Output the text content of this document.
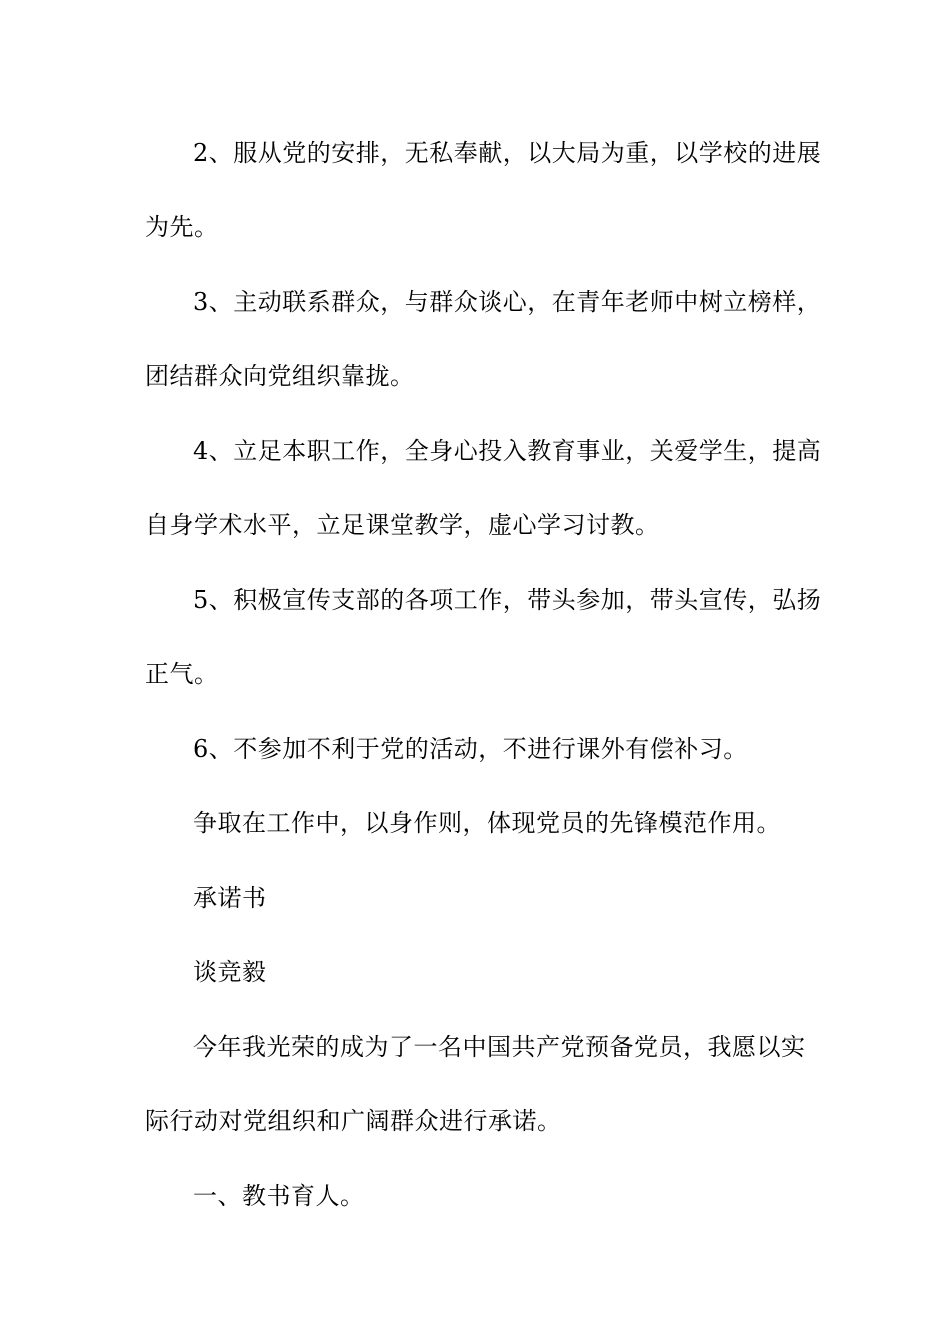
2、服从党的安排，无私奉献，以大局为重，以学校的进展
为先。
3、主动联系群众，与群众谈心，在青年老师中树立榜样，
团结群众向党组织靠拢。
4、立足本职工作，全身心投入教育事业，关爱学生，提高
自身学术水平，立足课堂教学，虚心学习讨教。
5、积极宣传支部的各项工作，带头参加，带头宣传，弘扬
正气。
6、不参加不利于党的活动，不进行课外有偿补习。
争取在工作中，以身作则，体现党员的先锋模范作用。
承诺书
谈竞毅
今年我光荣的成为了一名中国共产党预备党员，我愿以实
际行动对党组织和广阔群众进行承诺。
一、教书育人。
